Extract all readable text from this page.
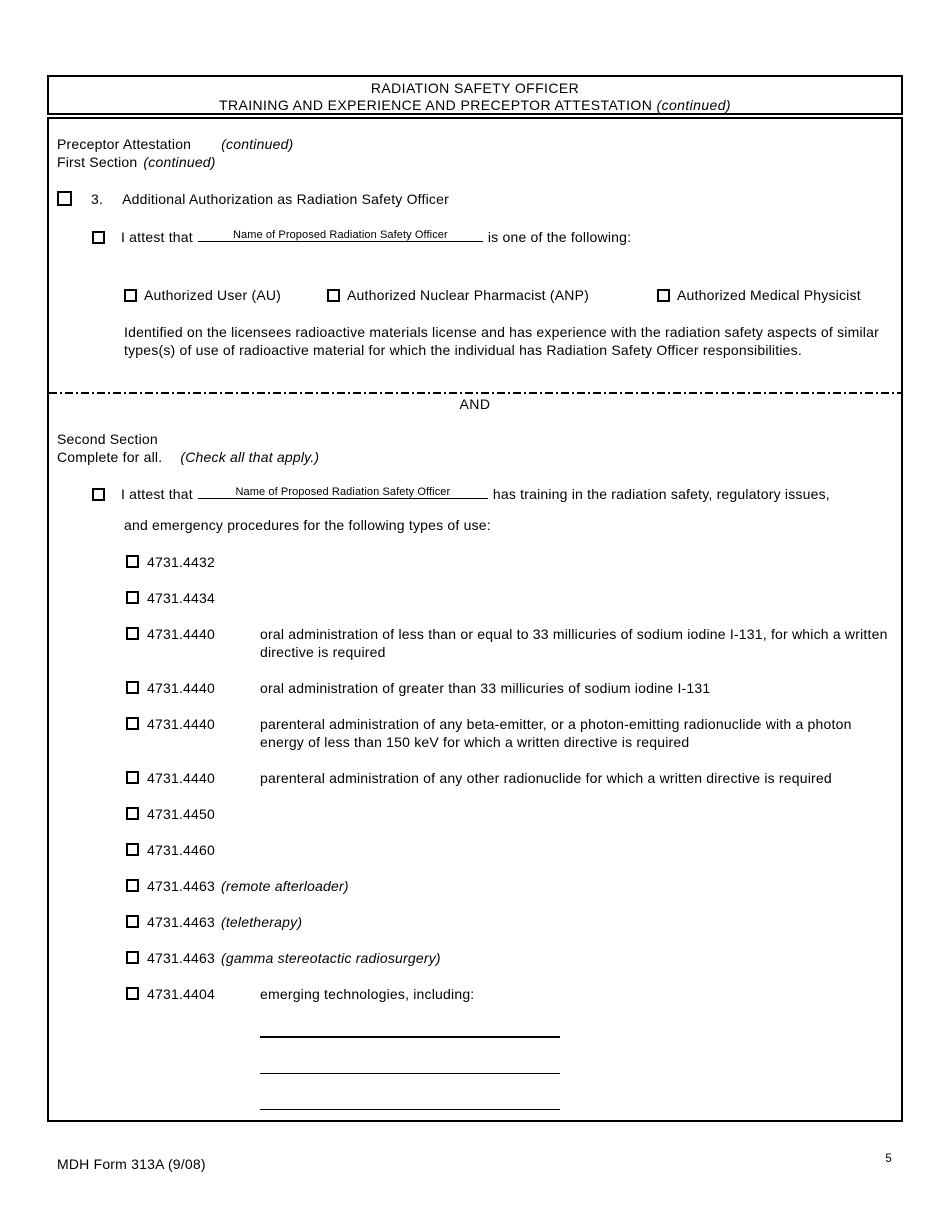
RADIATION SAFETY OFFICER
TRAINING AND EXPERIENCE AND PRECEPTOR ATTESTATION (continued)
Preceptor Attestation (continued)
First Section (continued)
3. Additional Authorization as Radiation Safety Officer
I attest that	Name of Proposed Radiation Safety Officer	is one of the following:
Authorized User (AU)	Authorized Nuclear Pharmacist (ANP)	Authorized Medical Physicist
Identified on the licensees radioactive materials license and has experience with the radiation safety aspects of similar types(s) of use of radioactive material for which the individual has Radiation Safety Officer responsibilities.
AND
Second Section
Complete for all. (Check all that apply.)
I attest that	Name of Proposed Radiation Safety Officer	has training in the radiation safety, regulatory issues,
and emergency procedures for the following types of use:
4731.4432
4731.4434
4731.4440	oral administration of less than or equal to 33 millicuries of sodium iodine I-131, for which a written directive is required
4731.4440	oral administration of greater than 33 millicuries of sodium iodine I-131
4731.4440	parenteral administration of any beta-emitter, or a photon-emitting radionuclide with a photon energy of less than 150 keV for which a written directive is required
4731.4440	parenteral administration of any other radionuclide for which a written directive is required
4731.4450
4731.4460
4731.4463 (remote afterloader)
4731.4463 (teletherapy)
4731.4463 (gamma stereotactic radiosurgery)
4731.4404	emerging technologies, including:
MDH Form 313A (9/08)	5
